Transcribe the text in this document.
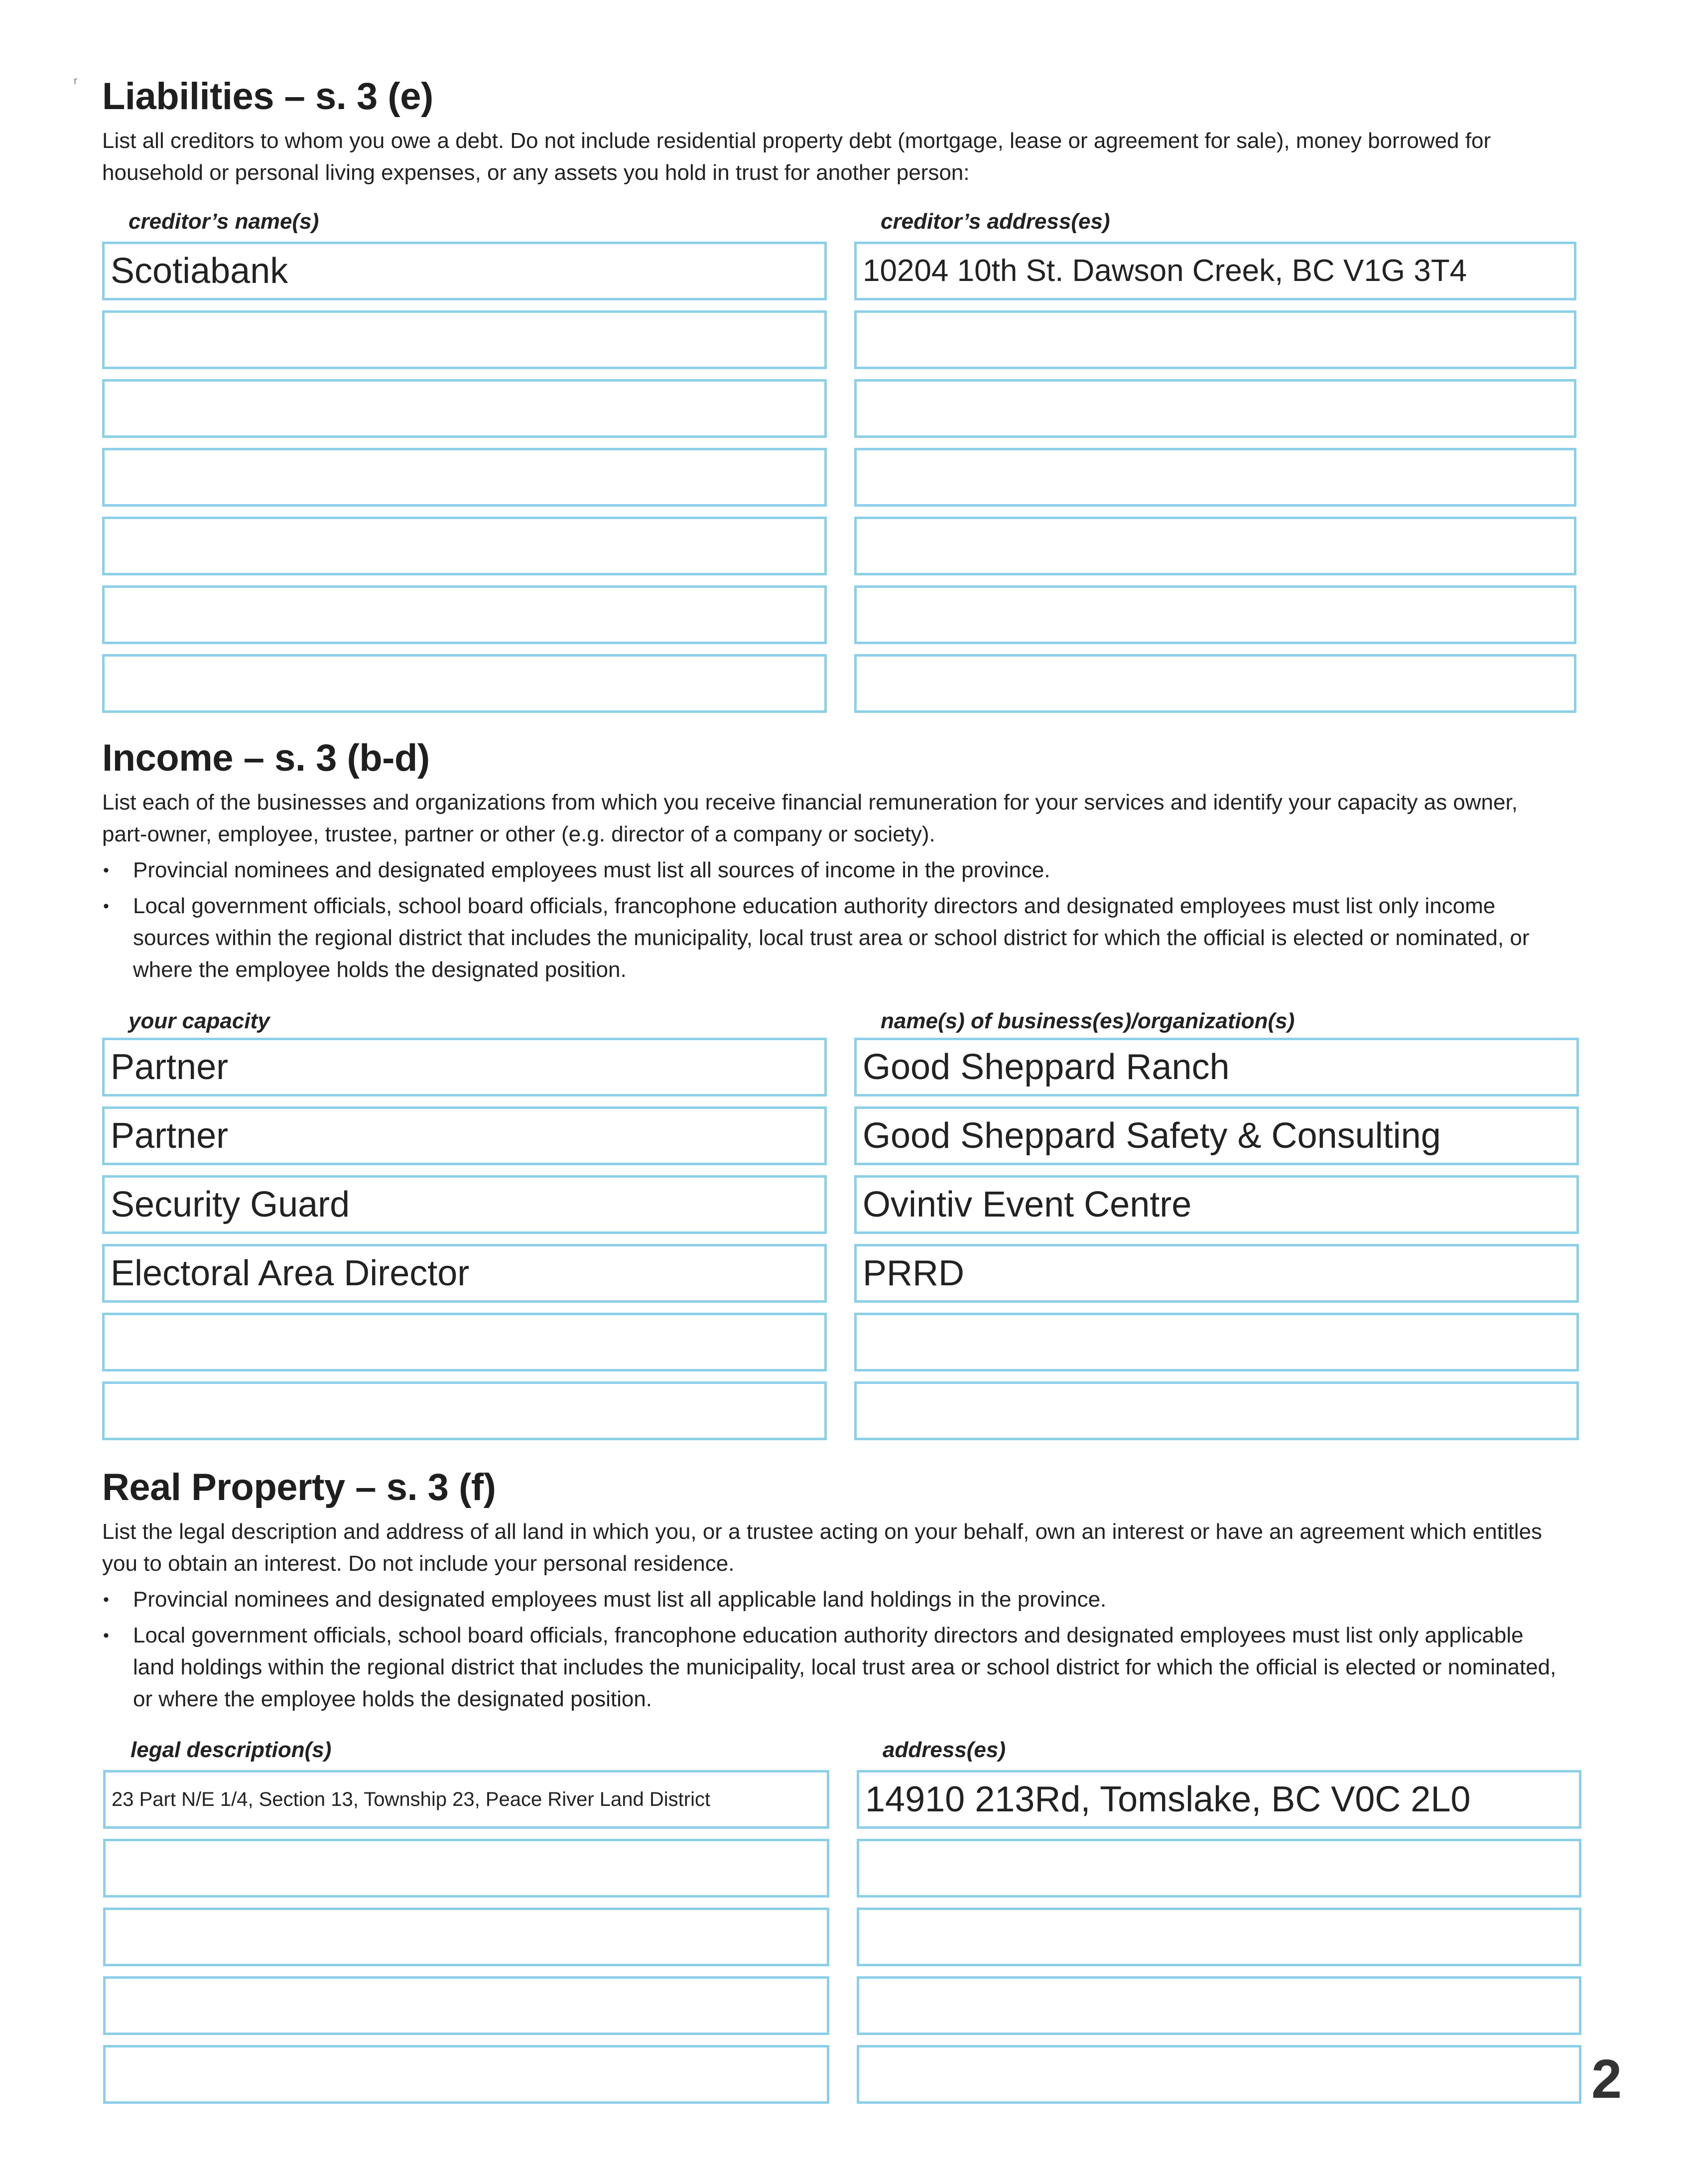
ʳ Liabilities – s. 3 (e)

List all creditors to whom you owe a debt. Do not include residential property debt (mortgage, lease or agreement for sale), money borrowed for household or personal living expenses, or any assets you hold in trust for another person:

creditor’s name(s)	creditor’s address(es)
Scotiabank	10204 10th St. Dawson Creek, BC V1G 3T4
Income – s. 3 (b-d)

List each of the businesses and organizations from which you receive financial remuneration for your services and identify your capacity as owner, part-owner, employee, trustee, partner or other (e.g. director of a company or society).

• Provincial nominees and designated employees must list all sources of income in the province.
• Local government officials, school board officials, francophone education authority directors and designated employees must list only income sources within the regional district that includes the municipality, local trust area or school district for which the official is elected or nominated, or where the employee holds the designated position.
your capacity	name(s) of business(es)/organization(s)
Partner	Good Sheppard Ranch
Partner	Good Sheppard Safety & Consulting
Security Guard	Ovintiv Event Centre
Electoral Area Director	PRRD
Real Property – s. 3 (f)

List the legal description and address of all land in which you, or a trustee acting on your behalf, own an interest or have an agreement which entitles you to obtain an interest. Do not include your personal residence.

• Provincial nominees and designated employees must list all applicable land holdings in the province.
• Local government officials, school board officials, francophone education authority directors and designated employees must list only applicable land holdings within the regional district that includes the municipality, local trust area or school district for which the official is elected or nominated, or where the employee holds the designated position.
legal description(s)	address(es)
23 Part N/E 1/4, Section 13, Township 23, Peace River Land District	14910 213Rd, Tomslake, BC V0C 2L0
2
